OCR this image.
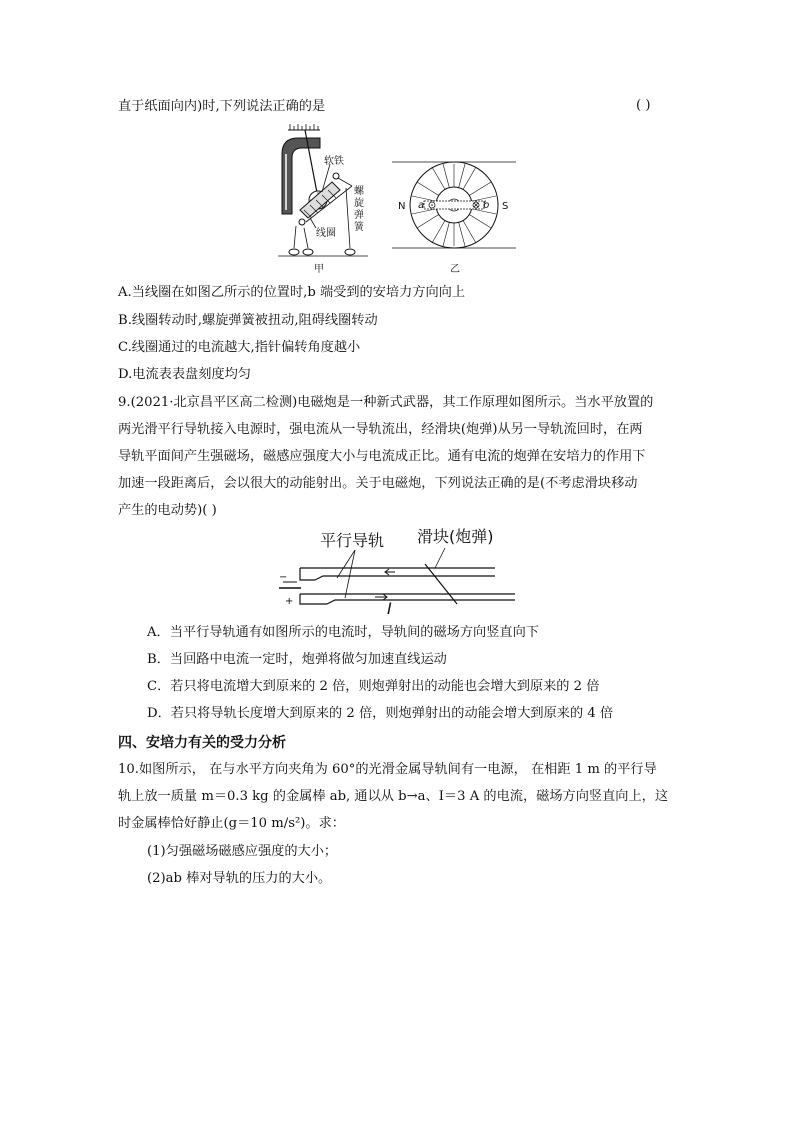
直于纸面向内)时,下列说法正确的是	( )
软铁
线圈
螺
旋
弹
簧
甲
N	S
a	b
乙
A.当线圈在如图乙所示的位置时,b 端受到的安培力方向向上
B.线圈转动时,螺旋弹簧被扭动,阻碍线圈转动
C.线圈通过的电流越大,指针偏转角度越小
D.电流表表盘刻度均匀
9.(2021·北京昌平区高二检测)电磁炮是一种新式武器，其工作原理如图所示。当水平放置的
两光滑平行导轨接入电源时，强电流从一导轨流出，经滑块(炮弹)从另一导轨流回时，在两
导轨平面间产生强磁场，磁感应强度大小与电流成正比。通有电流的炮弹在安培力的作用下
加速一段距离后，会以很大的动能射出。关于电磁炮，下列说法正确的是(不考虑滑块移动
产生的电动势)( )
平行导轨 滑块(炮弹)
−
+	I
A．当平行导轨通有如图所示的电流时，导轨间的磁场方向竖直向下
B．当回路中电流一定时，炮弹将做匀加速直线运动
C．若只将电流增大到原来的 2 倍，则炮弹射出的动能也会增大到原来的 2 倍
D．若只将导轨长度增大到原来的 2 倍，则炮弹射出的动能会增大到原来的 4 倍
四、安培力有关的受力分析
10.如图所示， 在与水平方向夹角为 60°的光滑金属导轨间有一电源， 在相距 1 m 的平行导
轨上放一质量 m＝0.3 kg 的金属棒 ab, 通以从 b→a、I＝3 A 的电流，磁场方向竖直向上，这
时金属棒恰好静止(g＝10 m/s²)。求：
(1)匀强磁场磁感应强度的大小；
(2)ab 棒对导轨的压力的大小。
